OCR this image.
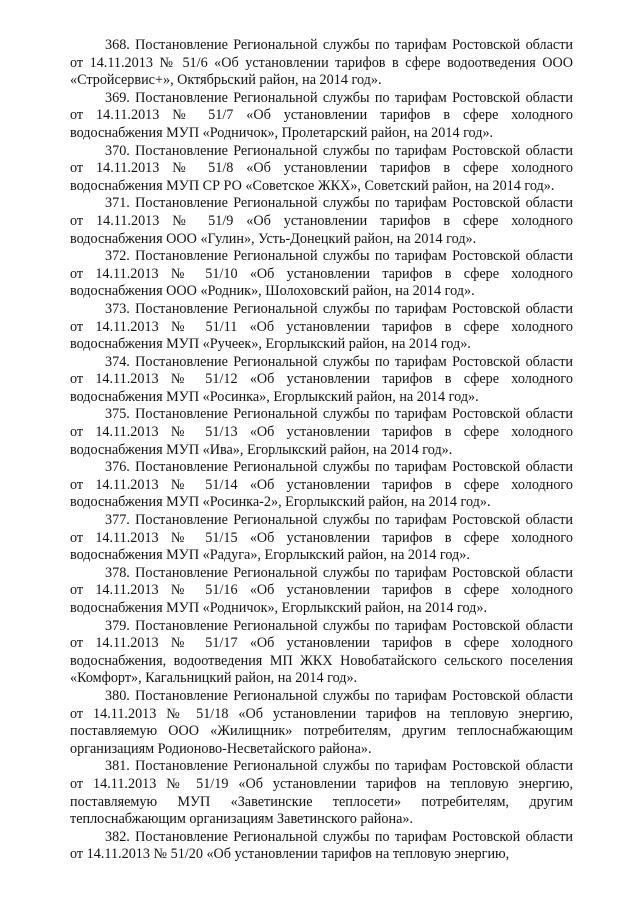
368. Постановление Региональной службы по тарифам Ростовской области от 14.11.2013 № 51/6 «Об установлении тарифов в сфере водоотведения ООО «Стройсервис+», Октябрьский район, на 2014 год».

369. Постановление Региональной службы по тарифам Ростовской области от 14.11.2013 № 51/7 «Об установлении тарифов в сфере холодного водоснабжения МУП «Родничок», Пролетарский район, на 2014 год».

370. Постановление Региональной службы по тарифам Ростовской области от 14.11.2013 № 51/8 «Об установлении тарифов в сфере холодного водоснабжения МУП СР РО «Советское ЖКХ», Советский район, на 2014 год».

371. Постановление Региональной службы по тарифам Ростовской области от 14.11.2013 № 51/9 «Об установлении тарифов в сфере холодного водоснабжения ООО «Гулин», Усть-Донецкий район, на 2014 год».

372. Постановление Региональной службы по тарифам Ростовской области от 14.11.2013 № 51/10 «Об установлении тарифов в сфере холодного водоснабжения ООО «Родник», Шолоховский район, на 2014 год».

373. Постановление Региональной службы по тарифам Ростовской области от 14.11.2013 № 51/11 «Об установлении тарифов в сфере холодного водоснабжения МУП «Ручеек», Егорлыкский район, на 2014 год».

374. Постановление Региональной службы по тарифам Ростовской области от 14.11.2013 № 51/12 «Об установлении тарифов в сфере холодного водоснабжения МУП «Росинка», Егорлыкский район, на 2014 год».

375. Постановление Региональной службы по тарифам Ростовской области от 14.11.2013 № 51/13 «Об установлении тарифов в сфере холодного водоснабжения МУП «Ива», Егорлыкский район, на 2014 год».

376. Постановление Региональной службы по тарифам Ростовской области от 14.11.2013 № 51/14 «Об установлении тарифов в сфере холодного водоснабжения МУП «Росинка-2», Егорлыкский район, на 2014 год».

377. Постановление Региональной службы по тарифам Ростовской области от 14.11.2013 № 51/15 «Об установлении тарифов в сфере холодного водоснабжения МУП «Радуга», Егорлыкский район, на 2014 год».

378. Постановление Региональной службы по тарифам Ростовской области от 14.11.2013 № 51/16 «Об установлении тарифов в сфере холодного водоснабжения МУП «Родничок», Егорлыкский район, на 2014 год».

379. Постановление Региональной службы по тарифам Ростовской области от 14.11.2013 № 51/17 «Об установлении тарифов в сфере холодного водоснабжения, водоотведения МП ЖКХ Новобатайского сельского поселения «Комфорт», Кагальницкий район, на 2014 год».

380. Постановление Региональной службы по тарифам Ростовской области от 14.11.2013 № 51/18 «Об установлении тарифов на тепловую энергию, поставляемую ООО «Жилищник» потребителям, другим теплоснабжающим организациям Родионово-Несветайского района».

381. Постановление Региональной службы по тарифам Ростовской области от 14.11.2013 № 51/19 «Об установлении тарифов на тепловую энергию, поставляемую МУП «Заветинские теплосети» потребителям, другим теплоснабжающим организациям Заветинского района».

382. Постановление Региональной службы по тарифам Ростовской области от 14.11.2013 № 51/20 «Об установлении тарифов на тепловую энергию,
